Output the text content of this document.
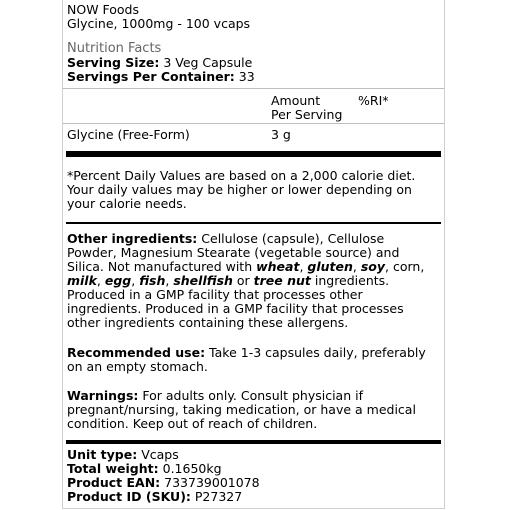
NOW Foods
Glycine, 1000mg - 100 vcaps
Nutrition Facts
Serving Size: 3 Veg Capsule
Servings Per Container: 33
Amount
Per Serving
%RI*
Glycine (Free-Form)	3 g

*Percent Daily Values are based on a 2,000 calorie diet.

Your daily values may be higher or lower depending on

your calorie needs.

Other ingredients: Cellulose (capsule), Cellulose

Powder, Magnesium Stearate (vegetable source) and

Silica. Not manufactured with wheat, gluten, soy, corn,

milk, egg, fish, shellfish or tree nut ingredients.

Produced in a GMP facility that processes other

ingredients. Produced in a GMP facility that processes

other ingredients containing these allergens.

Recommended use: Take 1-3 capsules daily, preferably

on an empty stomach.

Warnings: For adults only. Consult physician if

pregnant/nursing, taking medication, or have a medical

condition. Keep out of reach of children.

Unit type: Vcaps

Total weight: 0.1650kg

Product EAN: 733739001078

Product ID (SKU): P27327
